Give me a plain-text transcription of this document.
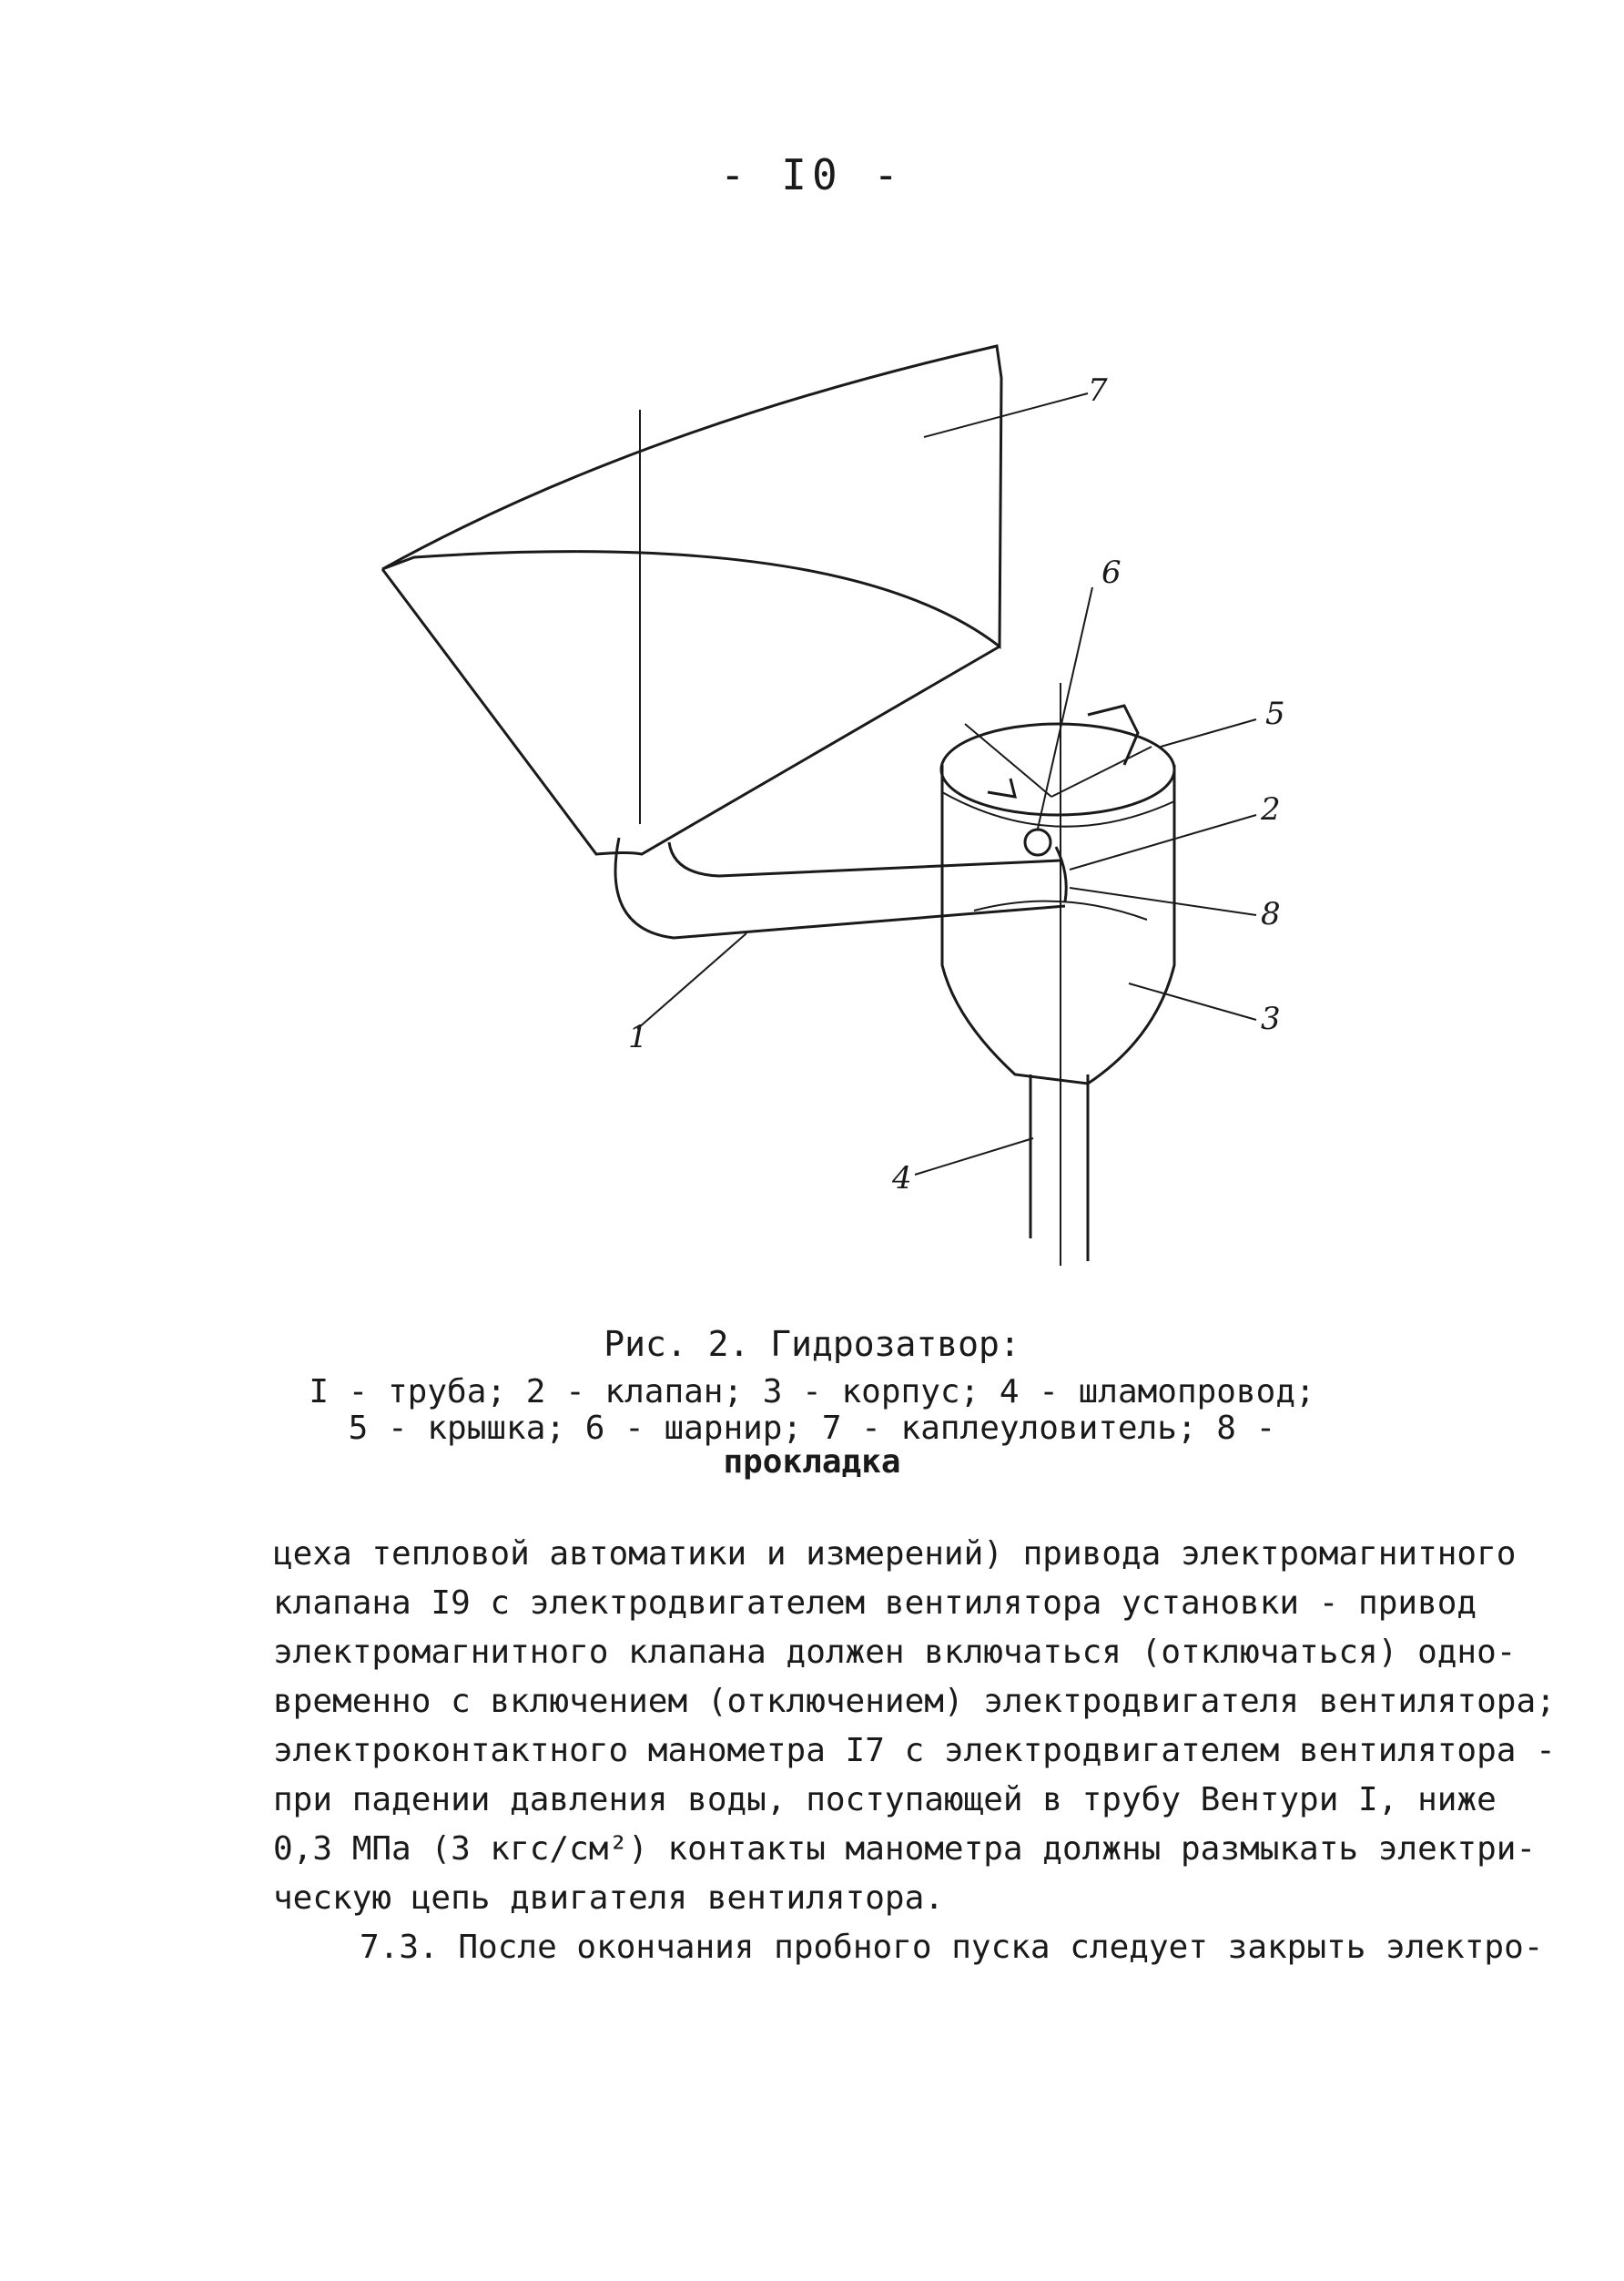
- I0 -
7
6
5
2
8
3
4
1
Рис. 2. Гидрозатвор:
I - труба; 2 - клапан; 3 - корпус; 4 - шламопровод;
5 - крышка; 6 - шарнир; 7 - каплеуловитель; 8 -
прокладка

цеха тепловой автоматики и измерений) привода электромагнитного

клапана I9 с электродвигателем вентилятора установки - привод

электромагнитного клапана должен включаться (отключаться) одно-

временно с включением (отключением) электродвигателя вентилятора;

электроконтактного манометра I7 с электродвигателем вентилятора -

при падении давления воды, поступающей в трубу Вентури I, ниже

0,3 МПа (3 кгс/см²) контакты манометра должны размыкать электри-

ческую цепь двигателя вентилятора.

7.3. После окончания пробного пуска следует закрыть электро-
